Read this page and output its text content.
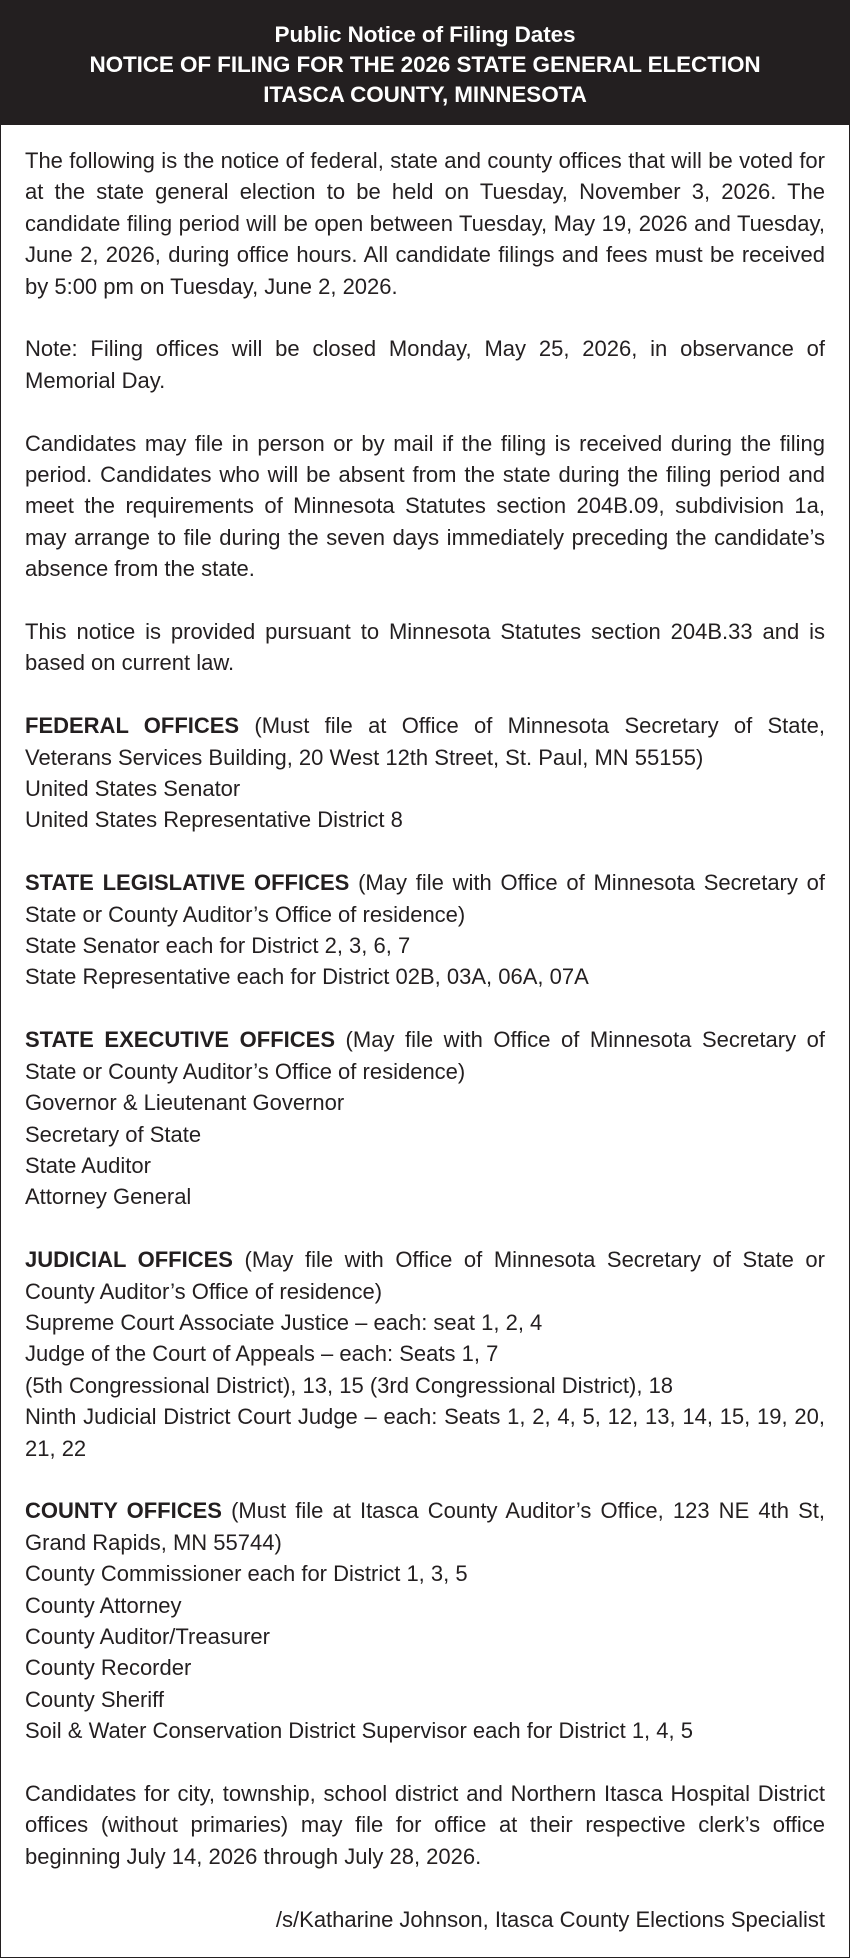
Public Notice of Filing Dates
NOTICE OF FILING FOR THE 2026 STATE GENERAL ELECTION
ITASCA COUNTY, MINNESOTA

The following is the notice of federal, state and county offices that will be voted for at the state general election to be held on Tuesday, November 3, 2026. The candidate filing period will be open between Tuesday, May 19, 2026 and Tuesday, June 2, 2026, during office hours. All candidate filings and fees must be received by 5:00 pm on Tuesday, June 2, 2026.

Note: Filing offices will be closed Monday, May 25, 2026, in observance of Memorial Day.

Candidates may file in person or by mail if the filing is received during the filing period. Candidates who will be absent from the state during the filing period and meet the requirements of Minnesota Statutes section 204B.09, subdivision 1a, may arrange to file during the seven days immediately preceding the candidate’s absence from the state.

This notice is provided pursuant to Minnesota Statutes section 204B.33 and is based on current law.

FEDERAL OFFICES (Must file at Office of Minnesota Secretary of State, Veterans Services Building, 20 West 12th Street, St. Paul, MN 55155)
United States Senator
United States Representative District 8

STATE LEGISLATIVE OFFICES (May file with Office of Minnesota Secretary of State or County Auditor’s Office of residence)
State Senator each for District 2, 3, 6, 7
State Representative each for District 02B, 03A, 06A, 07A

STATE EXECUTIVE OFFICES (May file with Office of Minnesota Secretary of State or County Auditor’s Office of residence)
Governor & Lieutenant Governor
Secretary of State
State Auditor
Attorney General

JUDICIAL OFFICES (May file with Office of Minnesota Secretary of State or County Auditor’s Office of residence)
Supreme Court Associate Justice – each: seat 1, 2, 4
Judge of the Court of Appeals – each: Seats 1, 7
(5th Congressional District), 13, 15 (3rd Congressional District), 18
Ninth Judicial District Court Judge – each: Seats 1, 2, 4, 5, 12, 13, 14, 15, 19, 20, 21, 22

COUNTY OFFICES (Must file at Itasca County Auditor’s Office, 123 NE 4th St, Grand Rapids, MN 55744)
County Commissioner each for District 1, 3, 5
County Attorney
County Auditor/Treasurer
County Recorder
County Sheriff
Soil & Water Conservation District Supervisor each for District 1, 4, 5

Candidates for city, township, school district and Northern Itasca Hospital District offices (without primaries) may file for office at their respective clerk’s office beginning July 14, 2026 through July 28, 2026.

/s/Katharine Johnson, Itasca County Elections Specialist
